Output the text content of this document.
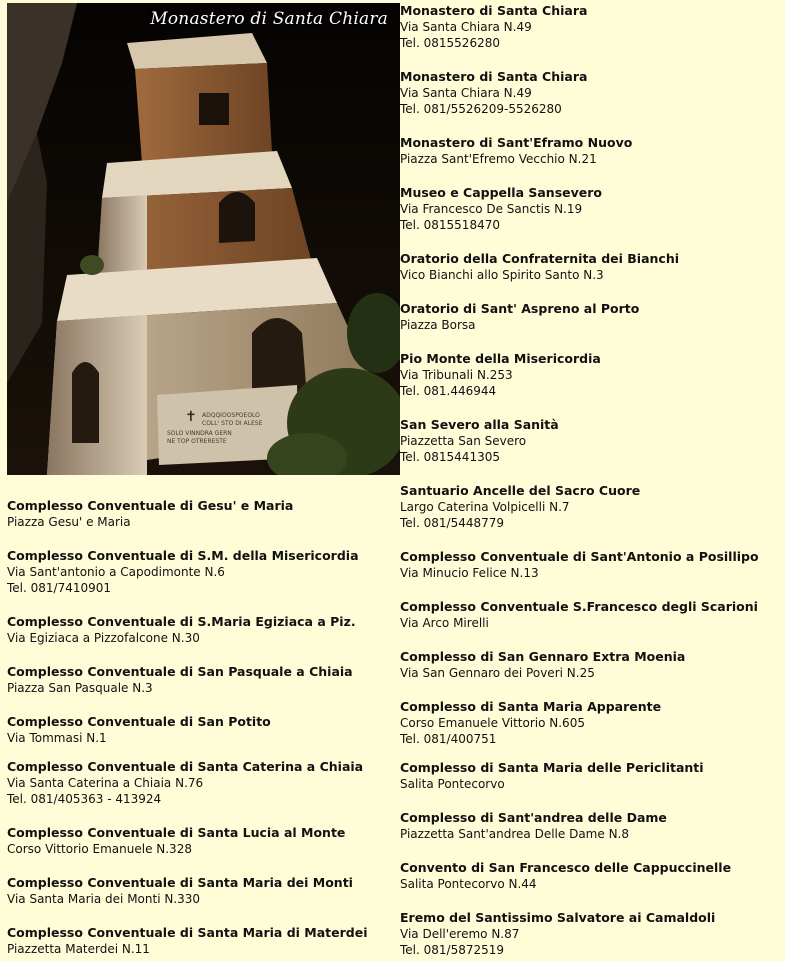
✝ ADQQIOOSPOEOLO
COLL' STO DI ALESE
SOLO VINNDRA GERN
NE TOP OTRERESTE
Monastero di Santa Chiara
Complesso Conventuale di Gesu' e Maria
Piazza Gesu' e Maria
Complesso Conventuale di S.M. della Misericordia
Via Sant'antonio a Capodimonte N.6
Tel. 081/7410901
Complesso Conventuale di S.Maria Egiziaca a Piz.
Via Egiziaca a Pizzofalcone N.30
Complesso Conventuale di San Pasquale a Chiaia
Piazza San Pasquale N.3
Complesso Conventuale di San Potito
Via Tommasi N.1
Complesso Conventuale di Santa Caterina a Chiaia
Via Santa Caterina a Chiaia N.76
Tel. 081/405363 - 413924
Complesso Conventuale di Santa Lucia al Monte
Corso Vittorio Emanuele N.328
Complesso Conventuale di Santa Maria dei Monti
Via Santa Maria dei Monti N.330
Complesso Conventuale di Santa Maria di Materdei
Piazzetta Materdei N.11
Monastero di Santa Chiara
Via Santa Chiara N.49
Tel. 0815526280
Monastero di Santa Chiara
Via Santa Chiara N.49
Tel. 081/5526209-5526280
Monastero di Sant'Eframo Nuovo
Piazza Sant'Efremo Vecchio N.21
Museo e Cappella Sansevero
Via Francesco De Sanctis N.19
Tel. 0815518470
Oratorio della Confraternita dei Bianchi
Vico Bianchi allo Spirito Santo N.3
Oratorio di Sant' Aspreno al Porto
Piazza Borsa
Pio Monte della Misericordia
Via Tribunali N.253
Tel. 081.446944
San Severo alla Sanità
Piazzetta San Severo
Tel. 0815441305
Santuario Ancelle del Sacro Cuore
Largo Caterina Volpicelli N.7
Tel. 081/5448779
Complesso Conventuale di Sant'Antonio a Posillipo
Via Minucio Felice N.13
Complesso Conventuale S.Francesco degli Scarioni
Via Arco Mirelli
Complesso di San Gennaro Extra Moenia
Via San Gennaro dei Poveri N.25
Complesso di Santa Maria Apparente
Corso Emanuele Vittorio N.605
Tel. 081/400751
Complesso di Santa Maria delle Periclitanti
Salita Pontecorvo
Complesso di Sant'andrea delle Dame
Piazzetta Sant'andrea Delle Dame N.8
Convento di San Francesco delle Cappuccinelle
Salita Pontecorvo N.44
Eremo del Santissimo Salvatore ai Camaldoli
Via Dell'eremo N.87
Tel. 081/5872519
